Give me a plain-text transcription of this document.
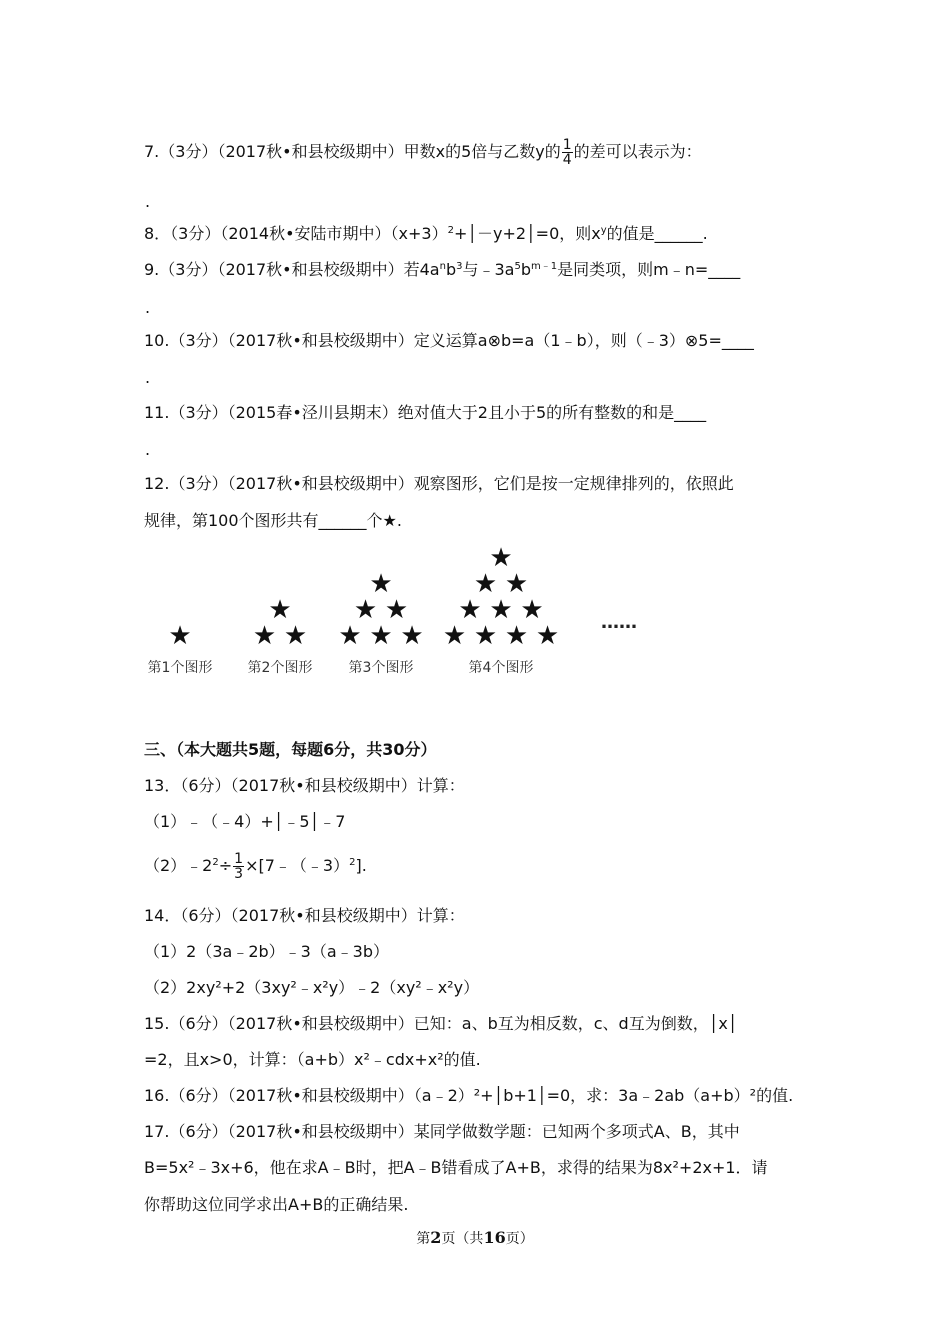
7.（3分）（2017秋•和县校级期中）甲数x的5倍与乙数y的 $\frac{1}{4}$ 的差可以表示为：
.
8．（3分）（2014秋•安陆市期中）$(x+3)^2+│-y+2│=0$，则$x^y$的值是______.
9.（3分）（2017秋•和县校级期中）若$4a^nb^3$与$﹣3a^5b^{m﹣1}$是同类项，则m﹣n=____
.
10.（3分）（2017秋•和县校级期中）定义运算a⊗b=a（1﹣b），则（﹣3）⊗5=____
.
11.（3分）（2015春•泾川县期末）绝对值大于2且小于5的所有整数的和是____
.
12.（3分）（2017秋•和县校级期中）观察图形，它们是按一定规律排列的，依照此
规律，第100个图形共有______个★.
★
★
★ ★
★
★ ★
★ ★ ★
★
★ ★
★ ★ ★
★ ★ ★ ★
第1个图形	第2个图形	第3个图形	第4个图形
……
三、（本大题共5题，每题6分，共30分）
13．（6分）（2017秋•和县校级期中）计算：
（1）﹣（﹣4）+│﹣5│﹣7
$(2)﹣2^2\div \frac{1}{3}$ ×[7﹣（﹣3）$^2$].
14．（6分）（2017秋•和县校级期中）计算：
（1）2（3a﹣2b）﹣3（a﹣3b）
（2）2xy²+2（3xy²﹣x²y）﹣2（xy²﹣x²y）
15.（6分）（2017秋•和县校级期中）已知：a、b互为相反数，c、d互为倒数，│x│
=2，且x>0，计算：（a+b）x²﹣cdx+x²的值.
16.（6分）（2017秋•和县校级期中）（a﹣2）²+│b+1│=0，求：3a﹣2ab（a+b）²的值.
17.（6分）（2017秋•和县校级期中）某同学做数学题：已知两个多项式A、B，其中
B=5x²﹣3x+6，他在求A﹣B时，把A﹣B错看成了A+B，求得的结果为8x²+2x+1．请
你帮助这位同学求出A+B的正确结果.
第2页（共16页）
